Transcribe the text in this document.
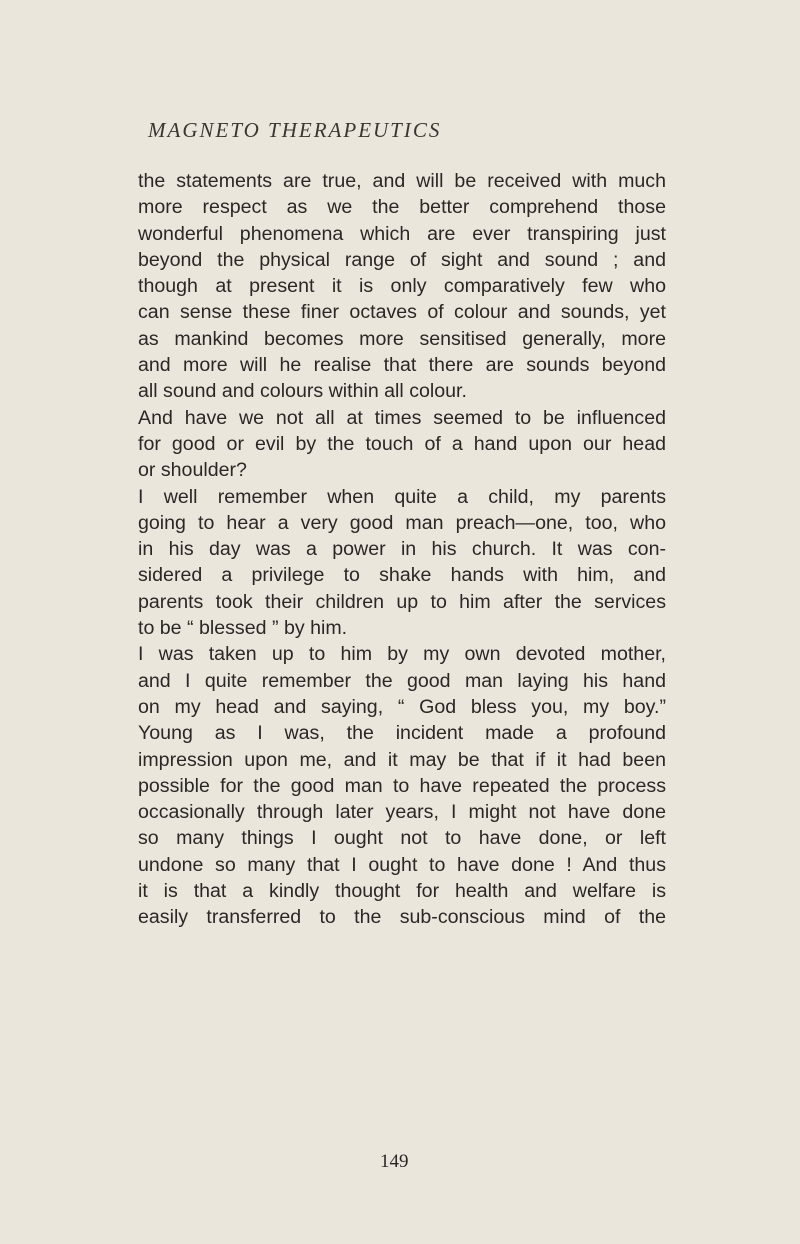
MAGNETO THERAPEUTICS
the statements are true, and will be received with much
more respect as we the better comprehend those
wonderful phenomena which are ever transpiring just
beyond the physical range of sight and sound ; and
though at present it is only comparatively few who
can sense these finer octaves of colour and sounds, yet
as mankind becomes more sensitised generally, more
and more will he realise that there are sounds beyond
all sound and colours within all colour.
And have we not all at times seemed to be influenced
for good or evil by the touch of a hand upon our head
or shoulder?
I well remember when quite a child, my parents
going to hear a very good man preach—one, too, who
in his day was a power in his church. It was con-
sidered a privilege to shake hands with him, and
parents took their children up to him after the services
to be “ blessed ” by him.
I was taken up to him by my own devoted mother,
and I quite remember the good man laying his hand
on my head and saying, “ God bless you, my boy.”
Young as I was, the incident made a profound
impression upon me, and it may be that if it had been
possible for the good man to have repeated the process
occasionally through later years, I might not have done
so many things I ought not to have done, or left
undone so many that I ought to have done ! And thus
it is that a kindly thought for health and welfare is
easily transferred to the sub-conscious mind of the
149
